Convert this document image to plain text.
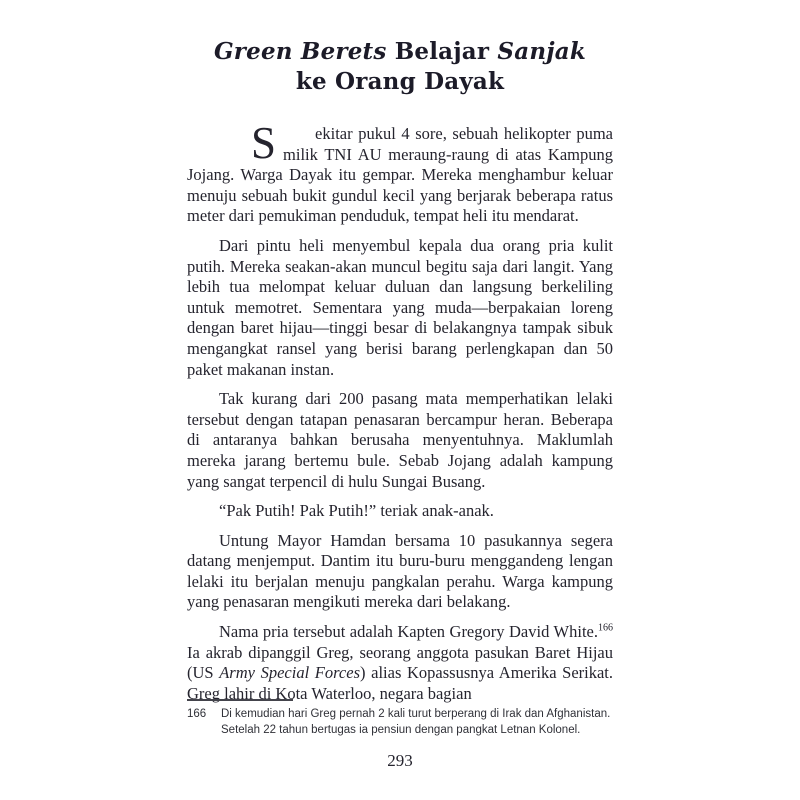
Green Berets Belajar Sanjak
ke Orang Dayak

S	ekitar pukul 4 sore, sebuah helikopter puma milik TNI AU meraung-raung di atas Kampung Jojang. Warga Dayak itu gempar. Mereka menghambur keluar menuju sebuah bukit gundul kecil yang berjarak beberapa ratus meter dari pemukiman penduduk, tempat heli itu mendarat.

Dari pintu heli menyembul kepala dua orang pria kulit putih. Mereka seakan-akan muncul begitu saja dari langit. Yang lebih tua melompat keluar duluan dan langsung berkeliling untuk memotret. Sementara yang muda—berpakaian loreng dengan baret hijau—tinggi besar di belakangnya tampak sibuk mengangkat ransel yang berisi barang perlengkapan dan 50 paket makanan instan.

Tak kurang dari 200 pasang mata memperhatikan lelaki tersebut dengan tatapan penasaran bercampur heran. Beberapa di antaranya bahkan berusaha menyentuhnya. Maklumlah mereka jarang bertemu bule. Sebab Jojang adalah kampung yang sangat terpencil di hulu Sungai Busang.

“Pak Putih! Pak Putih!” teriak anak-anak.

Untung Mayor Hamdan bersama 10 pasukannya segera datang menjemput. Dantim itu buru-buru menggandeng lengan lelaki itu berjalan menuju pangkalan perahu. Warga kampung yang penasaran mengikuti mereka dari belakang.

Nama pria tersebut adalah Kapten Gregory David White.$^{166}$ Ia akrab dipanggil Greg, seorang anggota pasukan Baret Hijau (US Army Special Forces) alias Kopassusnya Amerika Serikat. Greg lahir di Kota Waterloo, negara bagian

166	Di kemudian hari Greg pernah 2 kali turut berperang di Irak dan Afghanistan. Setelah 22 tahun bertugas ia pensiun dengan pangkat Letnan Kolonel.
293
